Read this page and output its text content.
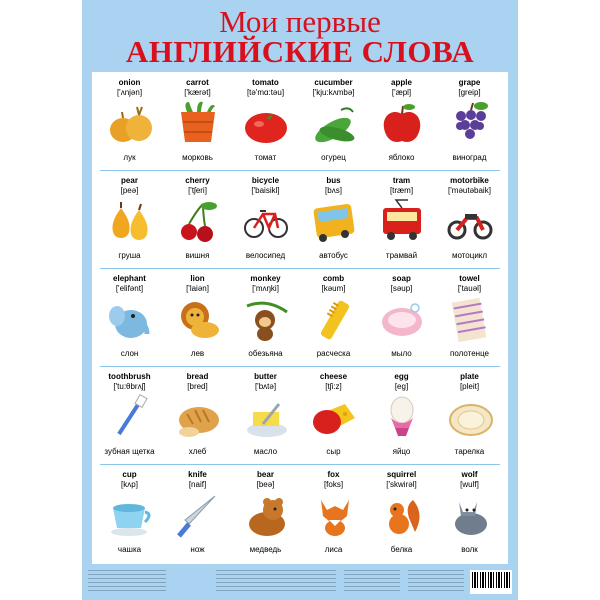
Мои первые
АНГЛИЙСКИЕ СЛОВА
onion
['ʌnjən]
лук
carrot
['kærət]
морковь
tomato
[tə'mɑ:təu]
томат
cucumber
['kju:kʌmbə]
огурец
apple
['æpl]
яблоко
grape
[greip]
виноград
pear
[peə]
груша
cherry
['tʃeri]
вишня
bicycle
['baisikl]
велосипед
bus
[bʌs]
автобус
tram
[træm]
трамвай
motorbike
['məutəbaik]
мотоцикл
elephant
['elifənt]
слон
lion
['laiən]
лев
monkey
['mʌŋki]
обезьяна
comb
[kəum]
расческа
soap
[səup]
мыло
towel
['tauəl]
полотенце
toothbrush
['tu:θbrʌʃ]
зубная щетка
bread
[bred]
хлеб
butter
['bʌtə]
масло
cheese
[tʃi:z]
сыр
egg
[eg]
яйцо
plate
[pleit]
тарелка
cup
[kʌp]
чашка
knife
[naif]
нож
bear
[beə]
медведь
fox
[foks]
лиса
squirrel
['skwirəl]
белка
wolf
[wulf]
волк
